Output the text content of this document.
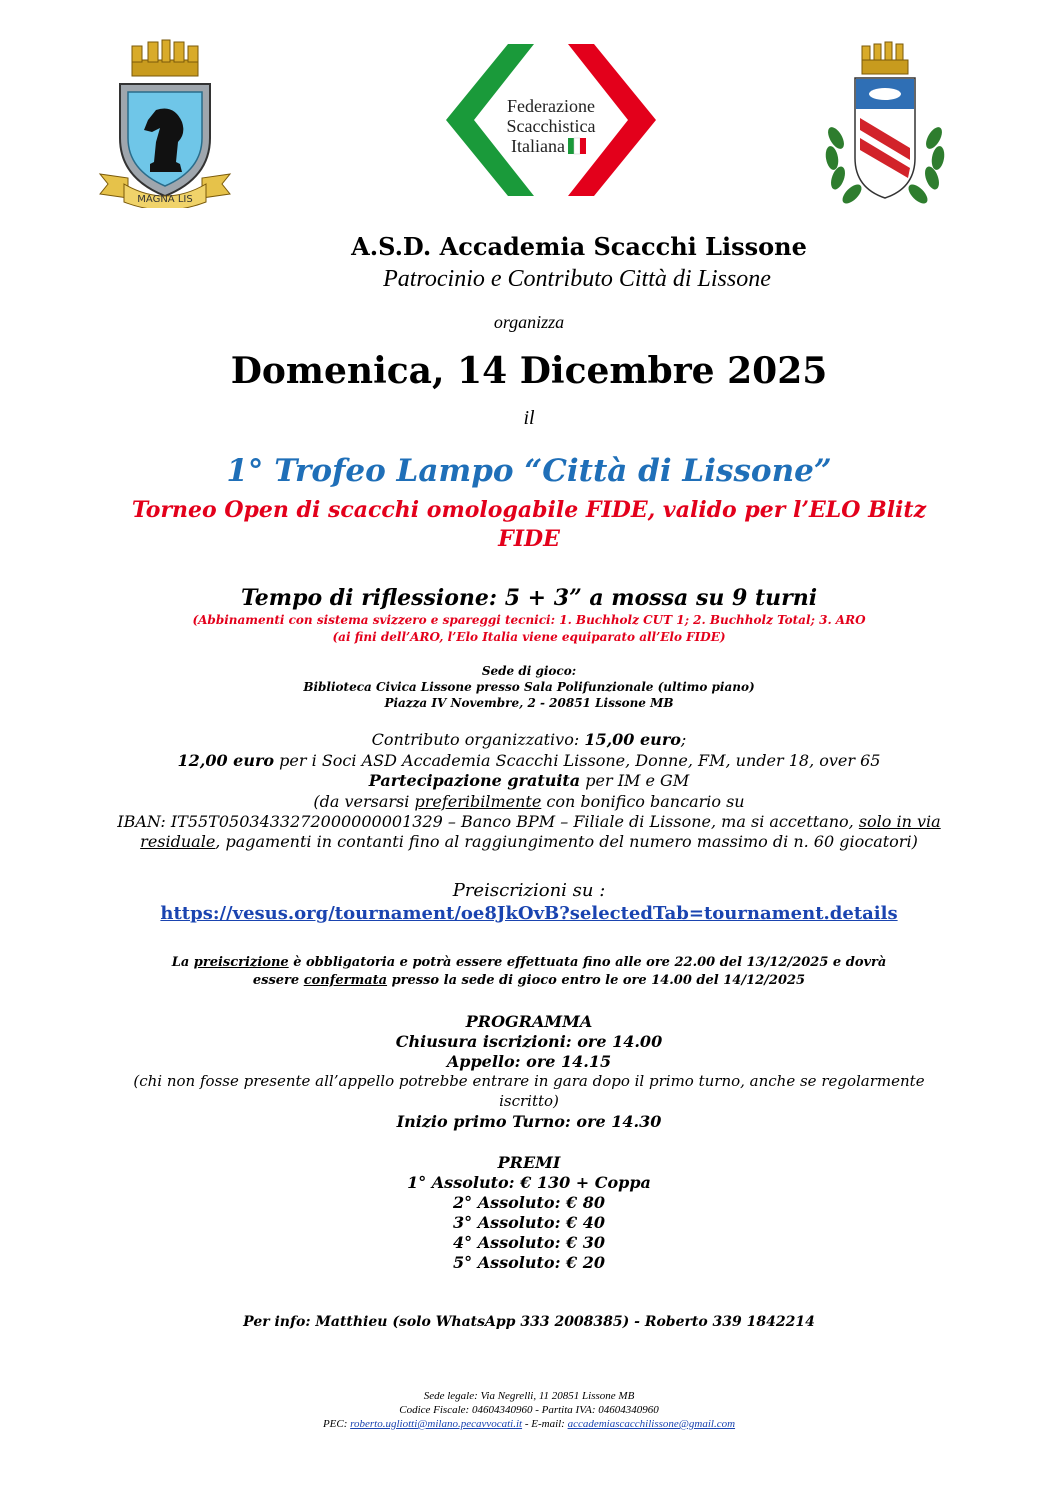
MAGNA LIS
Federazione
Scacchistica
Italiana
A.S.D. Accademia Scacchi Lissone
Patrocinio e Contributo Città di Lissone
organizza
Domenica, 14 Dicembre 2025
il
1° Trofeo Lampo “Città di Lissone”
Torneo Open di scacchi omologabile FIDE, valido per l’ELO Blitz
FIDE
Tempo di riflessione: 5 + 3” a mossa su 9 turni
(Abbinamenti con sistema svizzero e spareggi tecnici: 1. Buchholz CUT 1; 2. Buchholz Total; 3. ARO
(ai fini dell’ARO, l’Elo Italia viene equiparato all’Elo FIDE)
Sede di gioco:
Biblioteca Civica Lissone presso Sala Polifunzionale (ultimo piano)
Piazza IV Novembre, 2 - 20851 Lissone MB
Contributo organizzativo: 15,00 euro;
12,00 euro per i Soci ASD Accademia Scacchi Lissone, Donne, FM, under 18, over 65
Partecipazione gratuita per IM e GM
(da versarsi preferibilmente con bonifico bancario su
IBAN: IT55T0503433272000000001329 – Banco BPM – Filiale di Lissone, ma si accettano, solo in via
residuale, pagamenti in contanti fino al raggiungimento del numero massimo di n. 60 giocatori)
Preiscrizioni su :
https://vesus.org/tournament/oe8JkOvB?selectedTab=tournament.details
La preiscrizione è obbligatoria e potrà essere effettuata fino alle ore 22.00 del 13/12/2025 e dovrà
essere confermata presso la sede di gioco entro le ore 14.00 del 14/12/2025
PROGRAMMA
Chiusura iscrizioni: ore 14.00
Appello: ore 14.15
(chi non fosse presente all’appello potrebbe entrare in gara dopo il primo turno, anche se regolarmente
iscritto)
Inizio primo Turno: ore 14.30
PREMI
1° Assoluto: € 130 + Coppa
2° Assoluto: € 80
3° Assoluto: € 40
4° Assoluto: € 30
5° Assoluto: € 20
Per info: Matthieu (solo WhatsApp 333 2008385) - Roberto 339 1842214
Sede legale: Via Negrelli, 11 20851 Lissone MB
Codice Fiscale: 04604340960 - Partita IVA: 04604340960
PEC: roberto.ugliotti@milano.pecavvocati.it - E-mail: accademiascacchilissone@gmail.com
